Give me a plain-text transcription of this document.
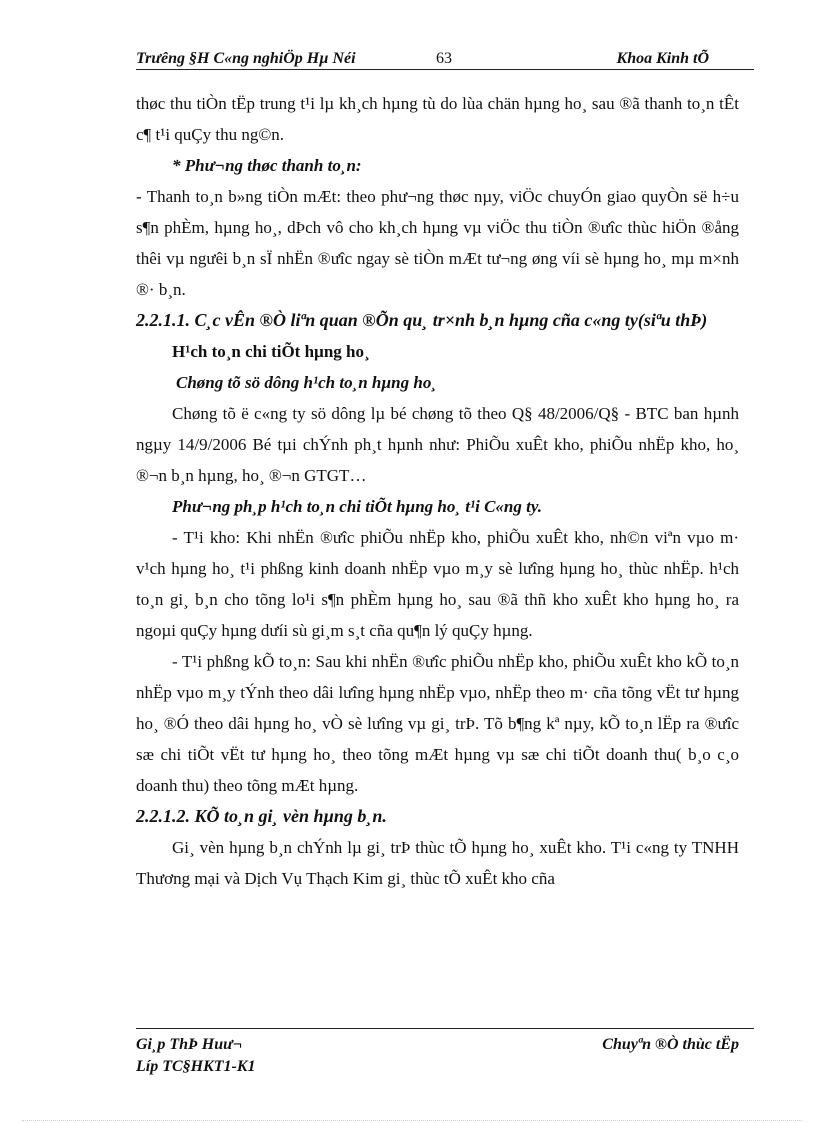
Trưêng §H C«ng nghiÖp Hµ Néi	63	Khoa Kinh tÕ

thøc thu tiÒn tËp trung t¹i lµ kh¸ch hµng tù do lùa chän hµng ho¸ sau ®ã thanh to¸n tÊt c¶ t¹i quÇy thu ng©n.

* Phư¬ng thøc thanh to¸n:

- Thanh to¸n b»ng tiÒn mÆt: theo phư¬ng thøc nµy, viÖc chuyÓn giao quyÒn së h÷u s¶n phÈm, hµng ho¸, dÞch vô cho kh¸ch hµng vµ viÖc thu tiÒn ®ưîc thùc hiÖn ®ång thêi vµ ngưêi b¸n sÏ nhËn ®ưîc ngay sè tiÒn mÆt tư¬ng øng víi sè hµng ho¸ mµ m×nh ®· b¸n.

2.2.1.1. C¸c vÊn ®Ò liªn quan ®Õn qu¸ tr×nh b¸n hµng cña c«ng ty(siªu thÞ)

H¹ch to¸n chi tiÕt hµng ho¸

Chøng tõ sö dông h¹ch to¸n hµng ho¸

Chøng tõ ë c«ng ty sö dông lµ bé chøng tõ theo Q§ 48/2006/Q§ - BTC ban hµnh ngµy 14/9/2006 Bé tµi chÝnh ph¸t hµnh như: PhiÕu xuÊt kho, phiÕu nhËp kho, ho¸ ®¬n b¸n hµng, ho¸ ®¬n GTGT…

Phư¬ng ph¸p h¹ch to¸n chi tiÕt hµng ho¸ t¹i C«ng ty.

- T¹i kho: Khi nhËn ®ưîc phiÕu nhËp kho, phiÕu xuÊt kho, nh©n viªn vµo m· v¹ch hµng ho¸ t¹i phßng kinh doanh nhËp vµo m¸y sè lưîng hµng ho¸ thùc nhËp. h¹ch to¸n gi¸ b¸n cho tõng lo¹i s¶n phÈm hµng ho¸ sau ®ã thñ kho xuÊt kho hµng ho¸ ra ngoµi quÇy hµng dưíi sù gi¸m s¸t cña qu¶n lý quÇy hµng.

- T¹i phßng kÕ to¸n: Sau khi nhËn ®ưîc phiÕu nhËp kho, phiÕu xuÊt kho kÕ to¸n nhËp vµo m¸y tÝnh theo dâi lưîng hµng nhËp vµo, nhËp theo m· cña tõng vËt tư hµng ho¸ ®Ó theo dâi hµng ho¸ vÒ sè lưîng vµ gi¸ trÞ. Tõ b¶ng kª nµy, kÕ to¸n lËp ra ®ưîc sæ chi tiÕt vËt tư hµng ho¸ theo tõng mÆt hµng vµ sæ chi tiÕt doanh thu( b¸o c¸o doanh thu) theo tõng mÆt hµng.

2.2.1.2. KÕ to¸n gi¸ vèn hµng b¸n.

Gi¸ vèn hµng b¸n chÝnh lµ gi¸ trÞ thùc tÕ hµng ho¸ xuÊt kho. T¹i c«ng ty TNHH Thương mại và Dịch Vụ Thạch Kim gi¸ thùc tÕ xuÊt kho cña

Gi¸p ThÞ Huư¬
Líp TC§HKT1-K1
Chuyªn ®Ò thùc tËp
